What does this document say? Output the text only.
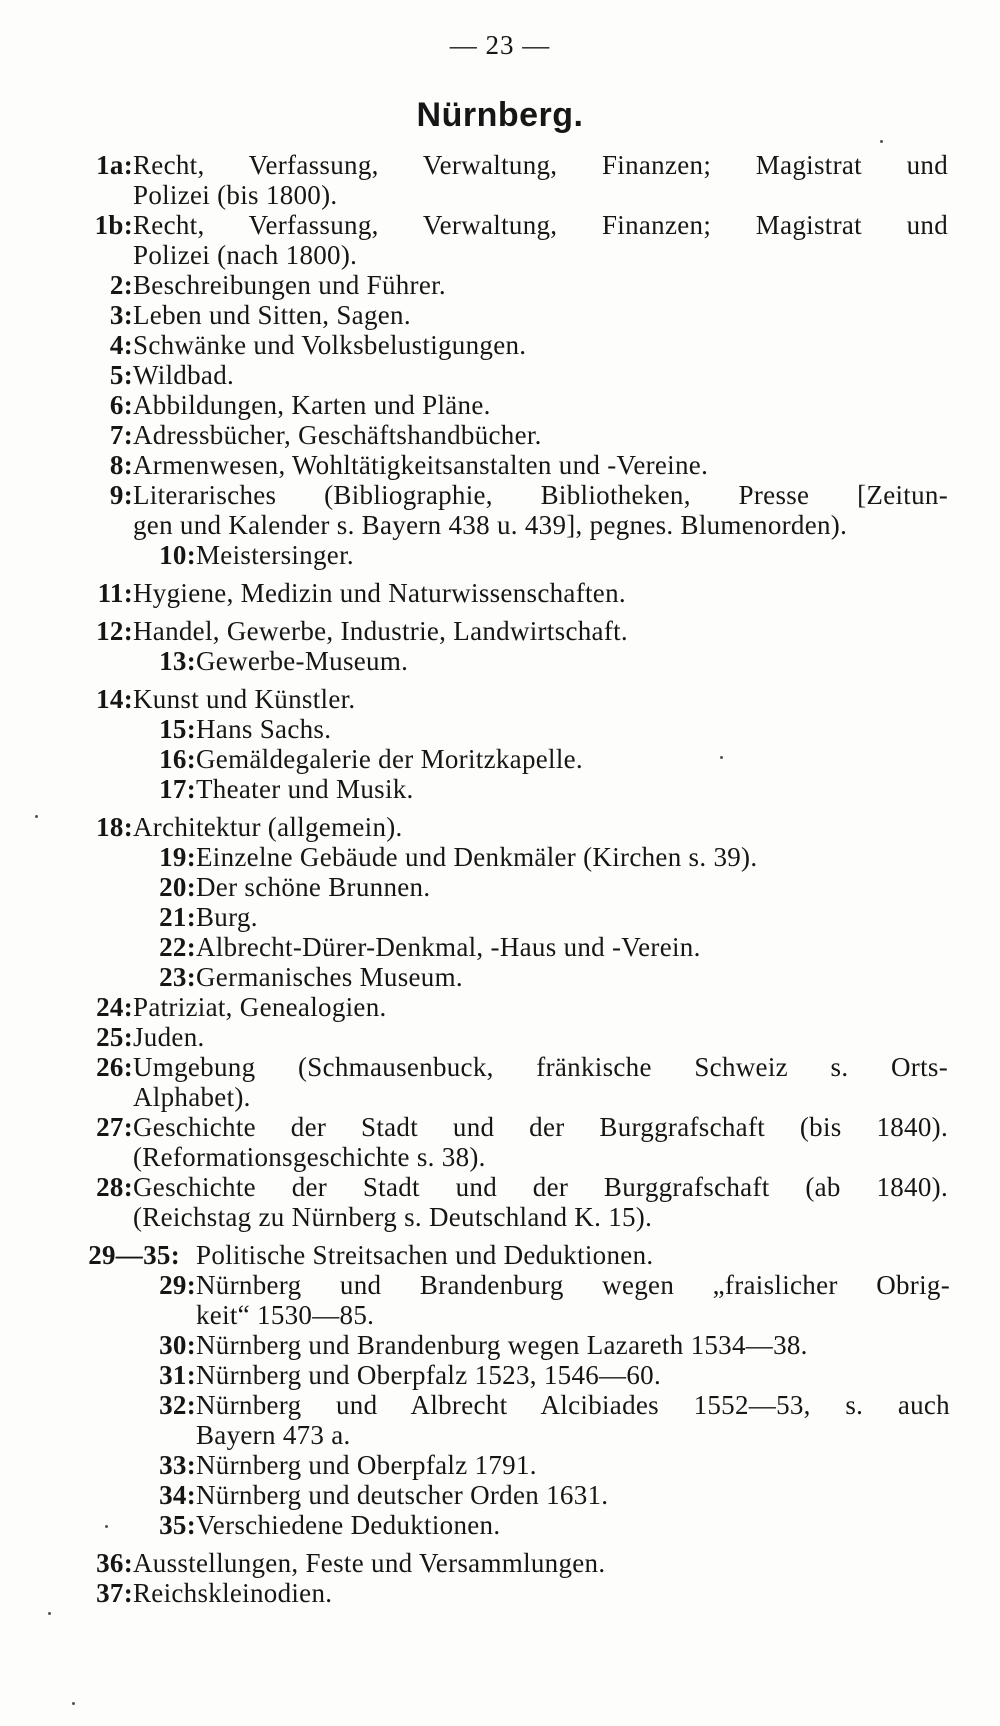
— 23 —
Nürnberg.
1a: Recht, Verfassung, Verwaltung, Finanzen; Magistrat und
Polizei (bis 1800).
1b: Recht, Verfassung, Verwaltung, Finanzen; Magistrat und
Polizei (nach 1800).
2: Beschreibungen und Führer.
3: Leben und Sitten, Sagen.
4: Schwänke und Volksbelustigungen.
5: Wildbad.
6: Abbildungen, Karten und Pläne.
7: Adressbücher, Geschäftshandbücher.
8: Armenwesen, Wohltätigkeitsanstalten und -Vereine.
9: Literarisches (Bibliographie, Bibliotheken, Presse [Zeitun-
gen und Kalender s. Bayern 438 u. 439], pegnes. Blumenorden).
10: Meistersinger.
11: Hygiene, Medizin und Naturwissenschaften.
12: Handel, Gewerbe, Industrie, Landwirtschaft.
13: Gewerbe-Museum.
14: Kunst und Künstler.
15: Hans Sachs.
16: Gemäldegalerie der Moritzkapelle.
17: Theater und Musik.
18: Architektur (allgemein).
19: Einzelne Gebäude und Denkmäler (Kirchen s. 39).
20: Der schöne Brunnen.
21: Burg.
22: Albrecht-Dürer-Denkmal, -Haus und -Verein.
23: Germanisches Museum.
24: Patriziat, Genealogien.
25: Juden.
26: Umgebung (Schmausenbuck, fränkische Schweiz s. Orts-
Alphabet).
27: Geschichte der Stadt und der Burggrafschaft (bis 1840).
(Reformationsgeschichte s. 38).
28: Geschichte der Stadt und der Burggrafschaft (ab 1840).
(Reichstag zu Nürnberg s. Deutschland K. 15).
29—35: Politische Streitsachen und Deduktionen.
29: Nürnberg und Brandenburg wegen „fraislicher Obrig-
keit“ 1530—85.
30: Nürnberg und Brandenburg wegen Lazareth 1534—38.
31: Nürnberg und Oberpfalz 1523, 1546—60.
32: Nürnberg und Albrecht Alcibiades 1552—53, s. auch
Bayern 473 a.
33: Nürnberg und Oberpfalz 1791.
34: Nürnberg und deutscher Orden 1631.
35: Verschiedene Deduktionen.
36: Ausstellungen, Feste und Versammlungen.
37: Reichskleinodien.
